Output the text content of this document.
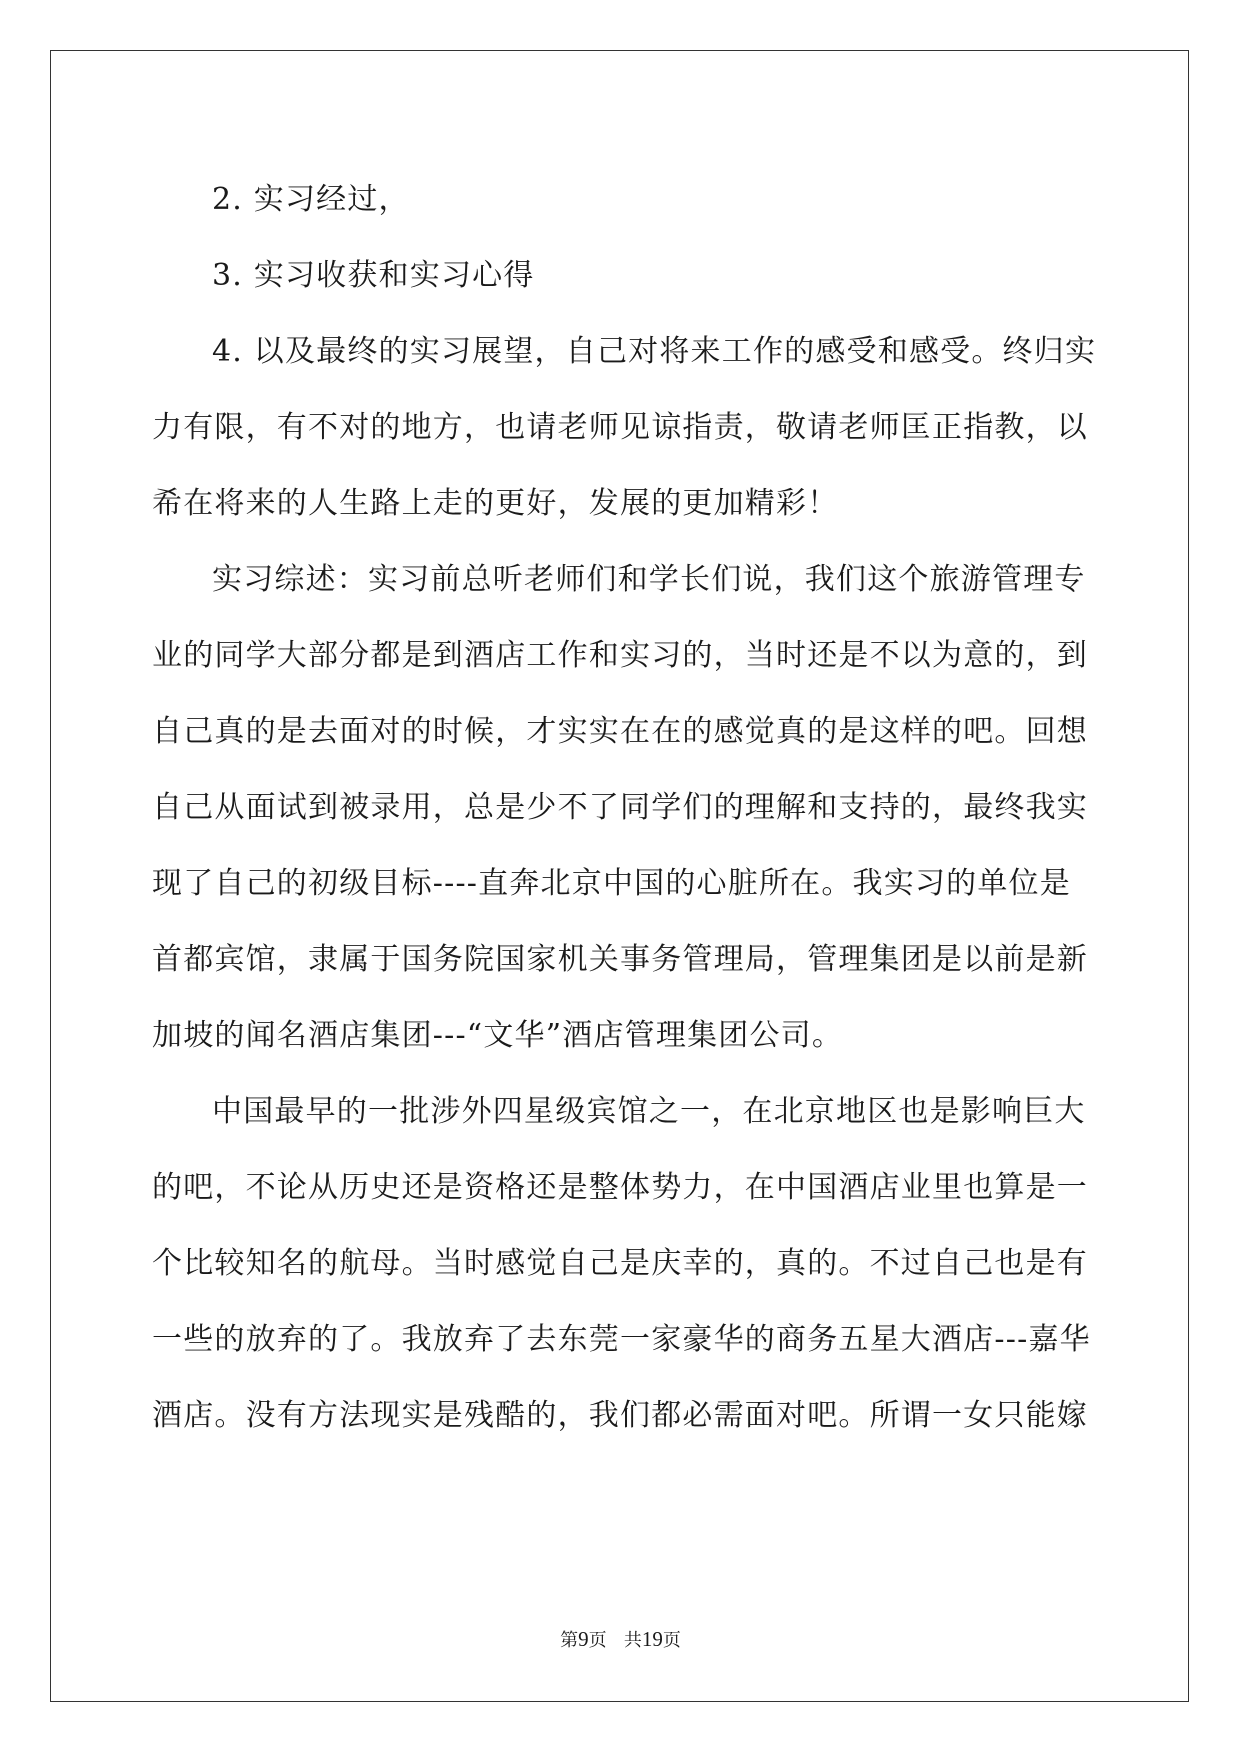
2. 实习经过，

3. 实习收获和实习心得

4. 以及最终的实习展望，自己对将来工作的感受和感受。终归实
力有限，有不对的地方，也请老师见谅指责，敬请老师匡正指教，以
希在将来的人生路上走的更好，发展的更加精彩！

实习综述：实习前总听老师们和学长们说，我们这个旅游管理专
业的同学大部分都是到酒店工作和实习的，当时还是不以为意的，到
自己真的是去面对的时候，才实实在在的感觉真的是这样的吧。回想
自己从面试到被录用，总是少不了同学们的理解和支持的，最终我实
现了自己的初级目标----直奔北京中国的心脏所在。我实习的单位是
首都宾馆，隶属于国务院国家机关事务管理局，管理集团是以前是新
加坡的闻名酒店集团---“文华”酒店管理集团公司。

中国最早的一批涉外四星级宾馆之一，在北京地区也是影响巨大
的吧，不论从历史还是资格还是整体势力，在中国酒店业里也算是一
个比较知名的航母。当时感觉自己是庆幸的，真的。不过自己也是有
一些的放弃的了。我放弃了去东莞一家豪华的商务五星大酒店---嘉华
酒店。没有方法现实是残酷的，我们都必需面对吧。所谓一女只能嫁

第9页 共19页
